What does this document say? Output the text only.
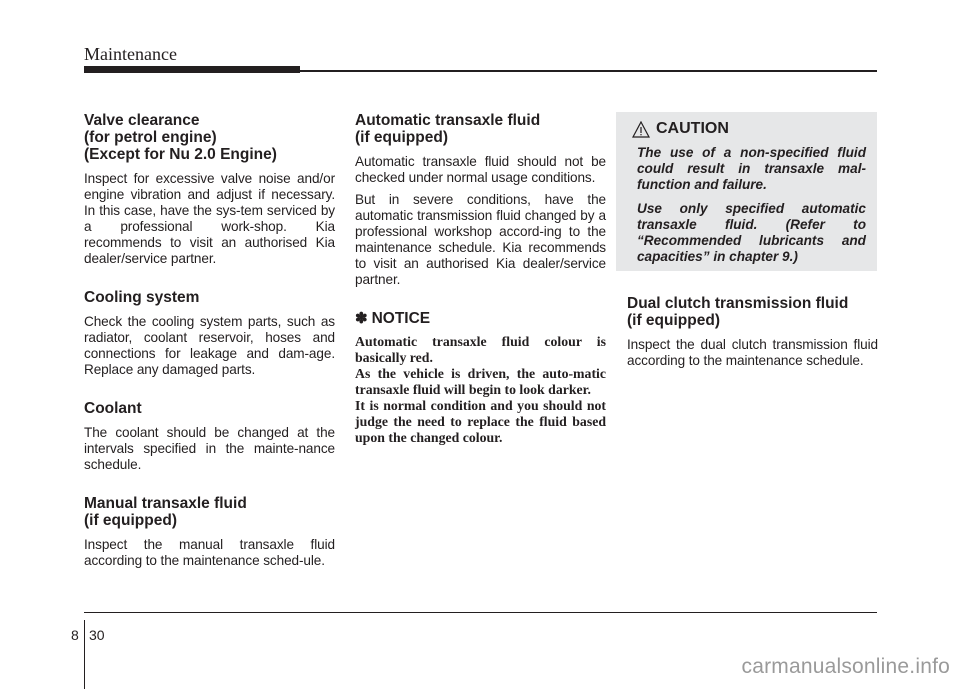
Maintenance
Valve clearance
(for petrol engine)
(Except for Nu 2.0 Engine)

Inspect for excessive valve noise and/or engine vibration and adjust if necessary. In this case, have the sys-tem serviced by a professional work-shop. Kia recommends to visit an authorised Kia dealer/service partner.

Cooling system

Check the cooling system parts, such as radiator, coolant reservoir, hoses and connections for leakage and dam-age. Replace any damaged parts.

Coolant

The coolant should be changed at the intervals specified in the mainte-nance schedule.

Manual transaxle fluid
(if equipped)

Inspect the manual transaxle fluid according to the maintenance sched-ule.

Automatic transaxle fluid
(if equipped)

Automatic transaxle fluid should not be checked under normal usage conditions.

But in severe conditions, have the automatic transmission fluid changed by a professional workshop accord-ing to the maintenance schedule. Kia recommends to visit an authorised Kia dealer/service partner.

✽ NOTICE

Automatic transaxle fluid colour is basically red.
As the vehicle is driven, the auto-matic transaxle fluid will begin to look darker.
It is normal condition and you should not judge the need to replace the fluid based upon the changed colour.

CAUTION

The use of a non-specified fluid could result in transaxle mal-function and failure.

Use only specified automatic transaxle fluid. (Refer to “Recommended lubricants and capacities” in chapter 9.)

Dual clutch transmission fluid
(if equipped)

Inspect the dual clutch transmission fluid according to the maintenance schedule.

8 30
carmanualsonline.info
